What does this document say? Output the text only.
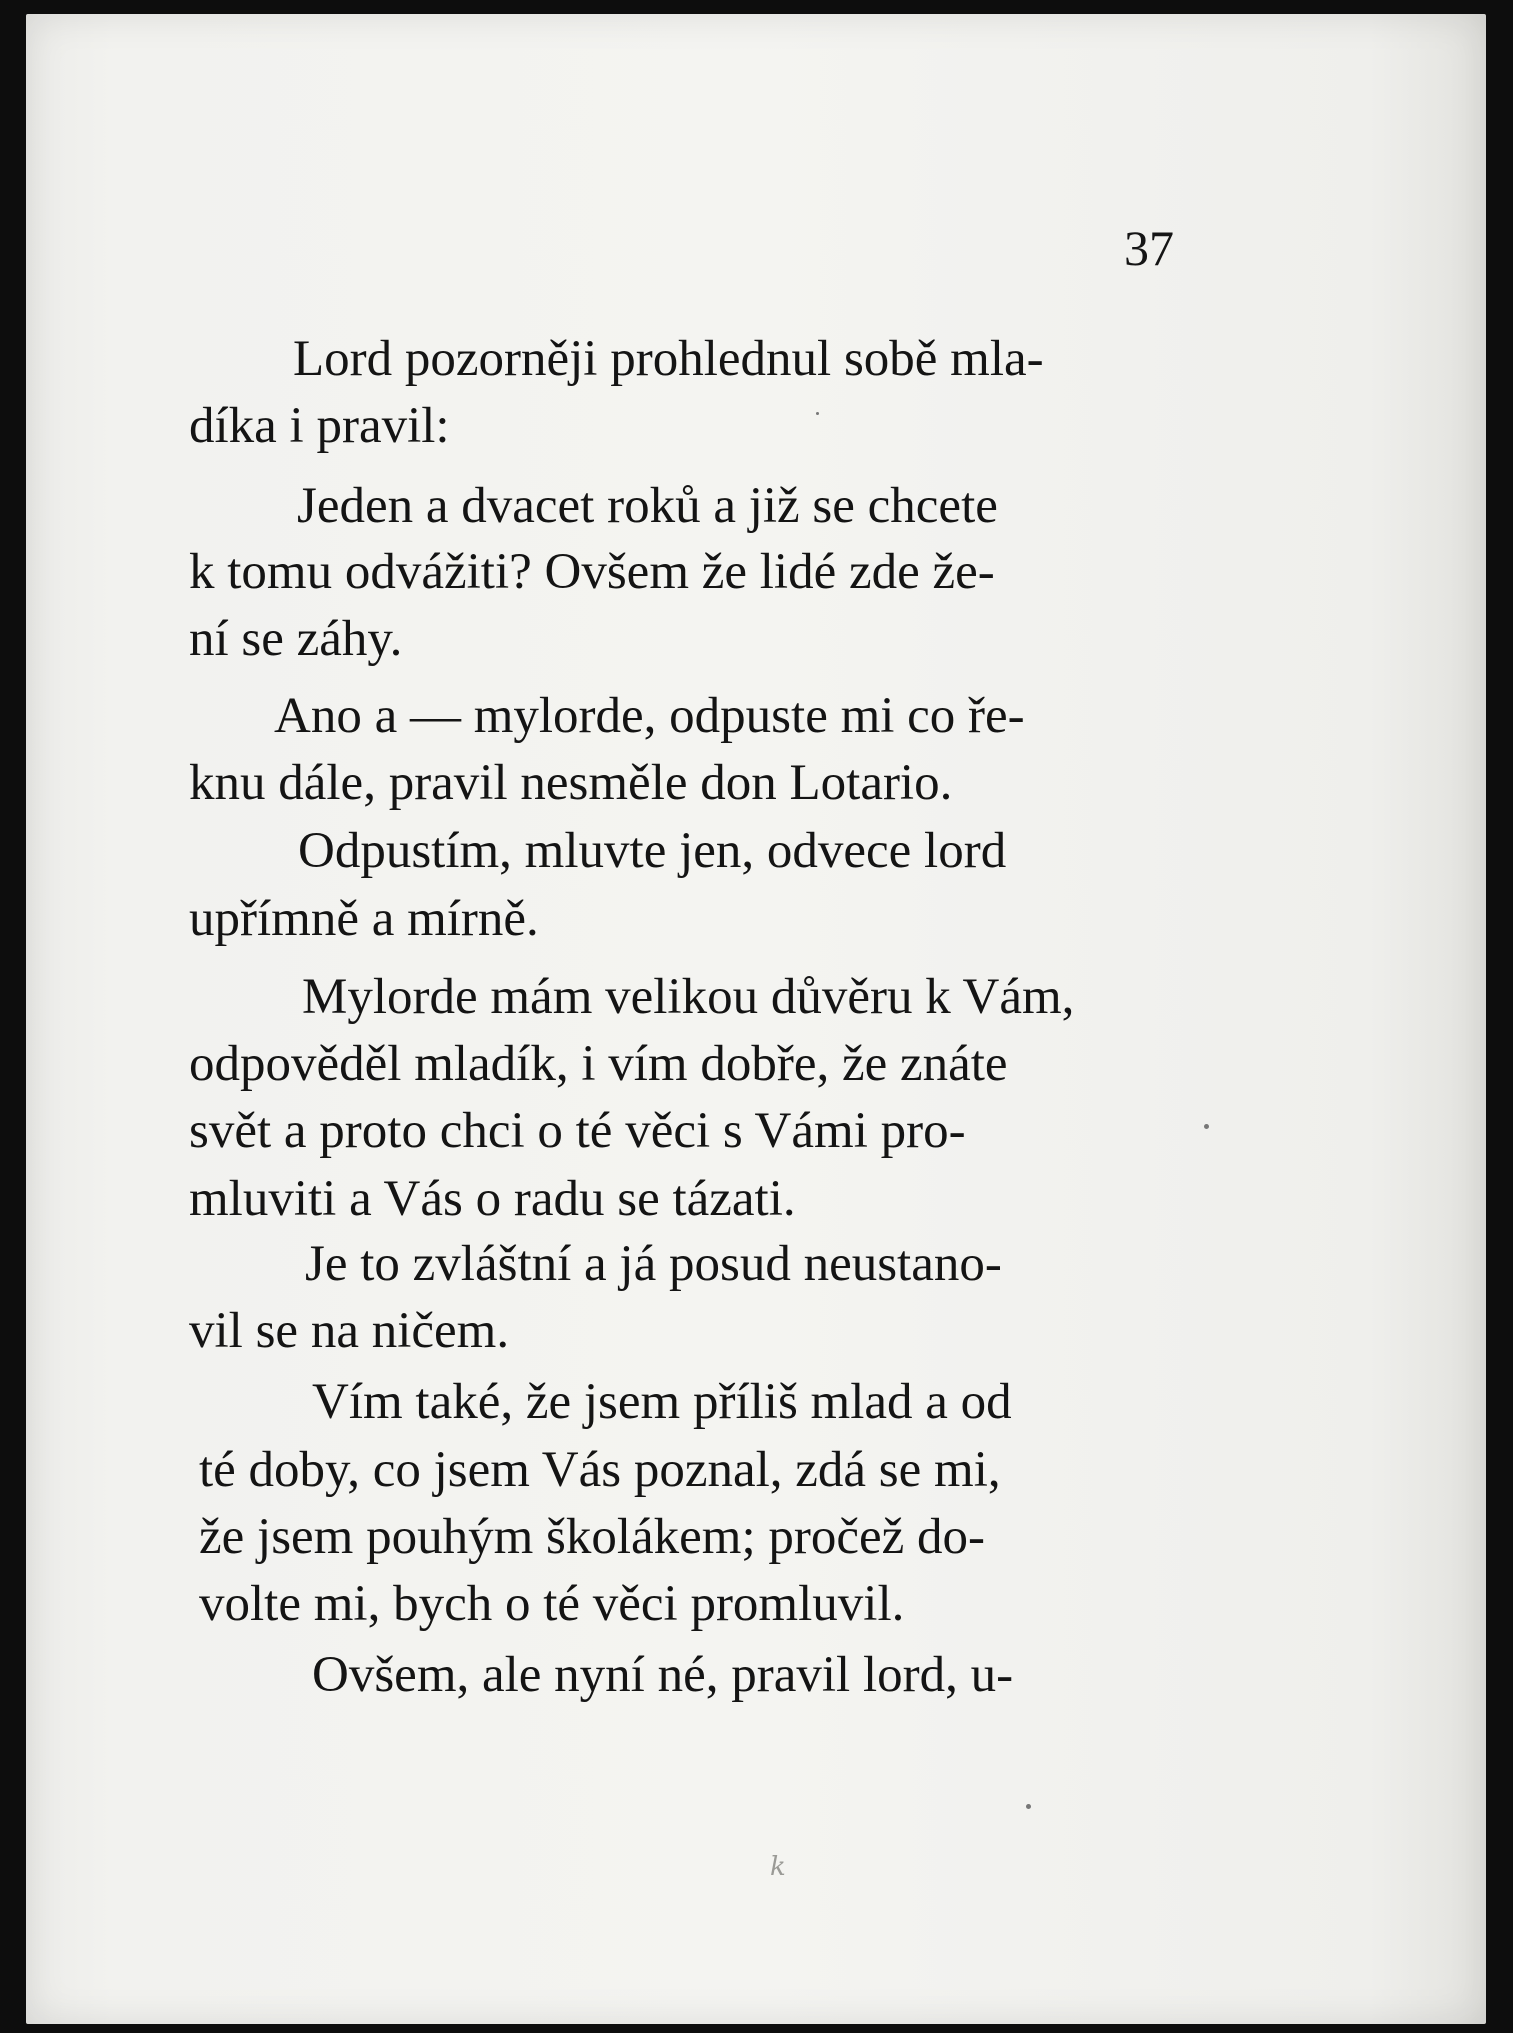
37
Lord pozorněji prohlednul sobě mla-
díka i pravil:
Jeden a dvacet roků a již se chcete
k tomu odvážiti? Ovšem že lidé zde že-
ní se záhy.
Ano a — mylorde, odpuste mi co ře-
knu dále, pravil nesměle don Lotario.
Odpustím, mluvte jen, odvece lord
upřímně a mírně.
Mylorde mám velikou důvěru k Vám,
odpověděl mladík, i vím dobře, že znáte
svět a proto chci o té věci s Vámi pro-
mluviti a Vás o radu se tázati.
Je to zvláštní a já posud neustano-
vil se na ničem.
Vím také, že jsem příliš mlad a od
té doby, co jsem Vás poznal, zdá se mi,
že jsem pouhým školákem; pročež do-
volte mi, bych o té věci promluvil.
Ovšem, ale nyní né, pravil lord, u-
k
